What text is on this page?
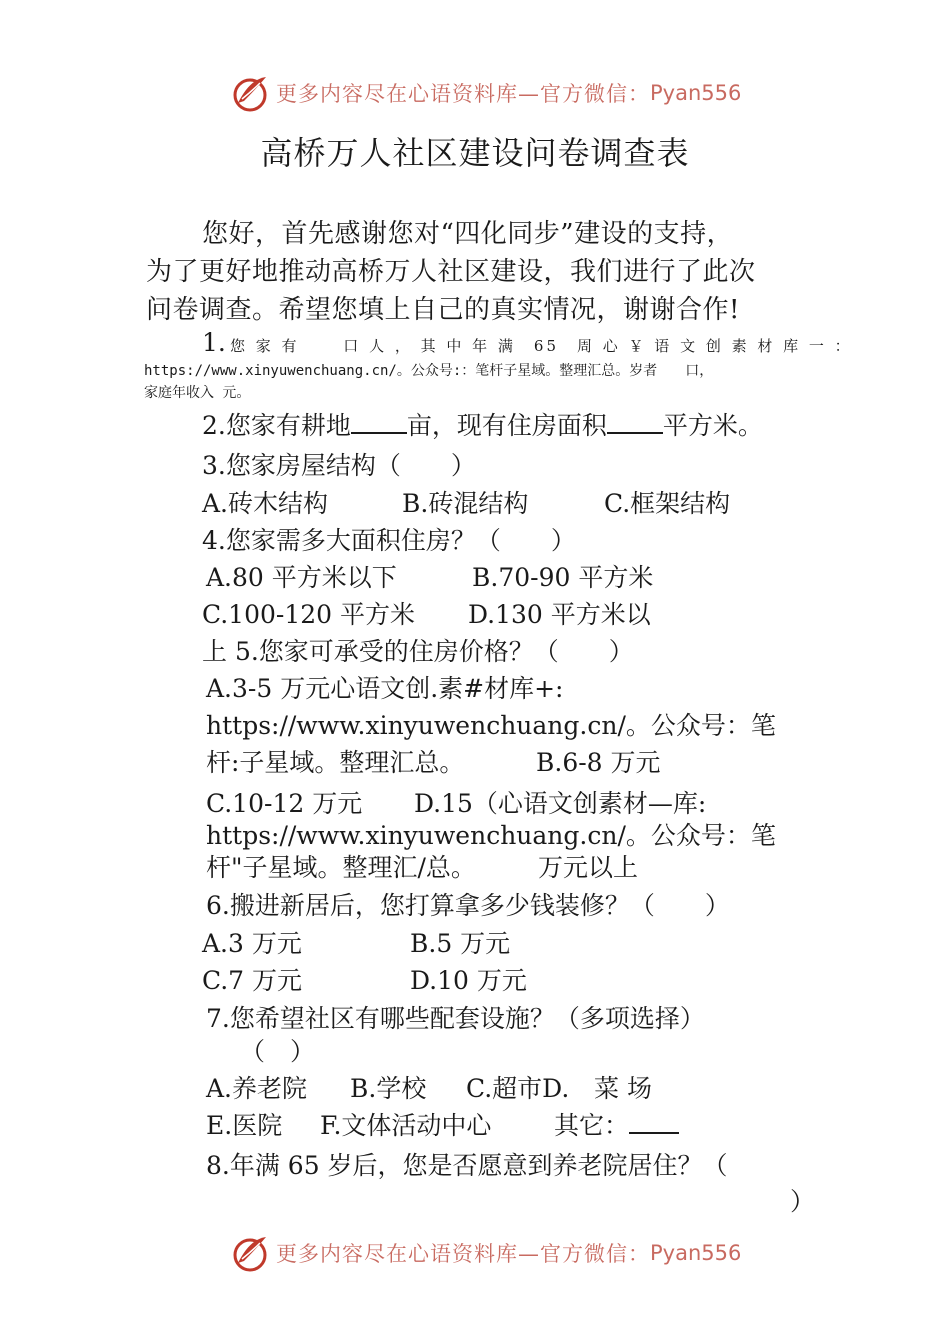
更多内容尽在心语资料库—官方微信： Pyan556
高桥万人社区建设问卷调查表
您好，首先感谢您对“四化同步”建设的支持，
为了更好地推动高桥万人社区建设，我们进行了此次
问卷调查。希望您填上自己的真实情况，谢谢合作!
1. 您 家 有　　 口 人 ， 其 中 年 满　65　周 心 ￥ 语 文 创 素 材 库 一 ：
https://www.xinyuwenchuang.cn/。公众号:：笔杆子星域。整理汇总。岁者　　口，
家庭年收入 元。
2.您家有耕地 亩，现有住房面积 平方米。
3.您家房屋结构（　　）
A.砖木结构	B.砖混结构	C.框架结构
4.您家需多大面积住房？（　　）
A.80 平方米以下	B.70-90 平方米
C.100-120 平方米 D.130 平方米以
上 5.您家可承受的住房价格？（　　）
A.3-5 万元心语文创.素#材库+:
https://www.xinyuwenchuang.cn/。公众号：笔
杆:子星域。整理汇总。	B.6-8 万元
C.10-12 万元 D.15（心语文创素材—库:
https://www.xinyuwenchuang.cn/。公众号：笔
杆"子星域。整理汇/总。 万元以上
6.搬进新居后，您打算拿多少钱装修？（　　）
A.3 万元	B.5 万元
C.7 万元	D.10 万元
7.您希望社区有哪些配套设施？（多项选择）
（　）
A.养老院 B.学校 C.超市D. 菜 场
E.医院 F.文体活动中心	其它：
8.年满 65 岁后，您是否愿意到养老院居住？（
）
更多内容尽在心语资料库—官方微信： Pyan556
